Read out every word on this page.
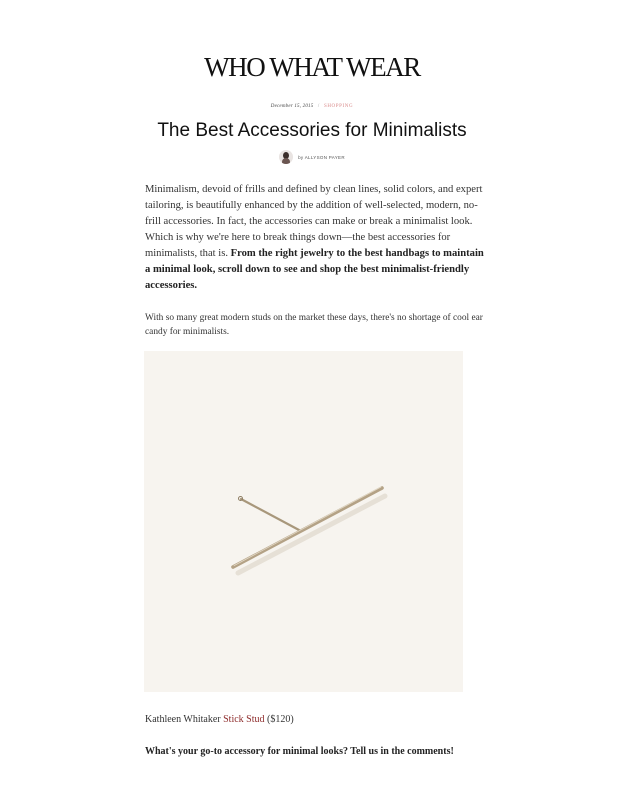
WHO WHAT WEAR
December 15, 2015 / SHOPPING
The Best Accessories for Minimalists
by ALLYSON PAYER

Minimalism, devoid of frills and defined by clean lines, solid colors, and expert tailoring, is beautifully enhanced by the addition of well-selected, modern, no-frill accessories. In fact, the accessories can make or break a minimalist look. Which is why we're here to break things down—the best accessories for minimalists, that is. From the right jewelry to the best handbags to maintain a minimal look, scroll down to see and shop the best minimalist-friendly accessories.

With so many great modern studs on the market these days, there's no shortage of cool ear candy for minimalists.

Kathleen Whitaker Stick Stud ($120)
What's your go-to accessory for minimal looks? Tell us in the comments!
